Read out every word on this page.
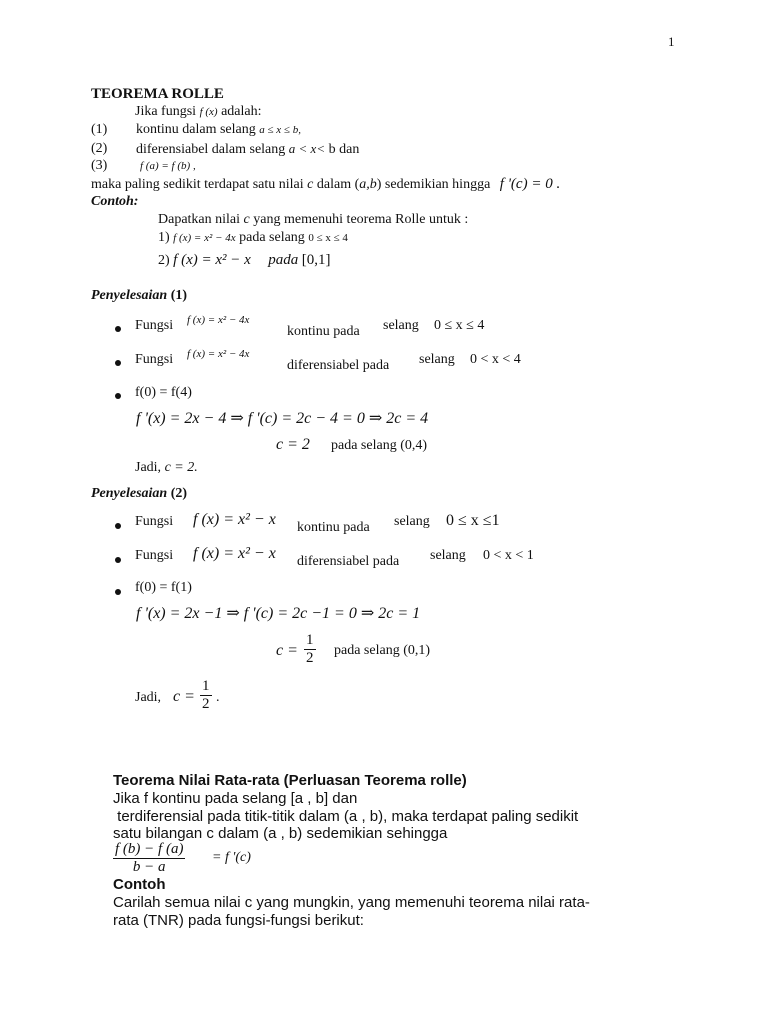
1
TEOREMA ROLLE
Jika fungsi f (x) adalah:
(1) kontinu dalam selang a ≤ x ≤ b,
(2) diferensiabel dalam selang a < x< b dan
(3)	f (a) = f (b) ,
maka paling sedikit terdapat satu nilai c dalam (a,b) sedemikian hingga f '(c) = 0 .
Contoh:
Dapatkan nilai c yang memenuhi teorema Rolle untuk :
1) f (x) = x² − 4x pada selang 0 ≤ x ≤ 4
2) f (x) = x² − x pada [0,1]
Penyelesaian (1)
Fungsi f (x) = x² − 4x
kontinu pada selang 0 ≤ x ≤ 4
Fungsi f (x) = x² − 4x
diferensiabel pada selang 0 < x < 4
f(0) = f(4)
f '(x) = 2x − 4 ⇒ f '(c) = 2c − 4 = 0 ⇒ 2c = 4
c = 2 pada selang (0,4)
Jadi, c = 2.
Penyelesaian (2)
Fungsi f (x) = x² − x kontinu pada selang 0 ≤ x ≤1
Fungsi f (x) = x² − x diferensiabel pada selang 0 < x < 1
f(0) = f(1)
f '(x) = 2x −1 ⇒ f '(c) = 2c −1 = 0 ⇒ 2c = 1
$c = \frac{1}{2}$ pada selang (0,1)
Jadi, $c = \frac{1}{2}$ .
Teorema Nilai Rata-rata (Perluasan Teorema rolle)
Jika f kontinu pada selang [a , b] dan
terdiferensial pada titik-titik dalam (a , b), maka terdapat paling sedikit
satu bilangan c dalam (a , b) sedemikian sehingga
$\frac{f (b) - f (a)}{b - a} = f$ '(c)
Contoh
Carilah semua nilai c yang mungkin, yang memenuhi teorema nilai rata-
rata (TNR) pada fungsi-fungsi berikut:
